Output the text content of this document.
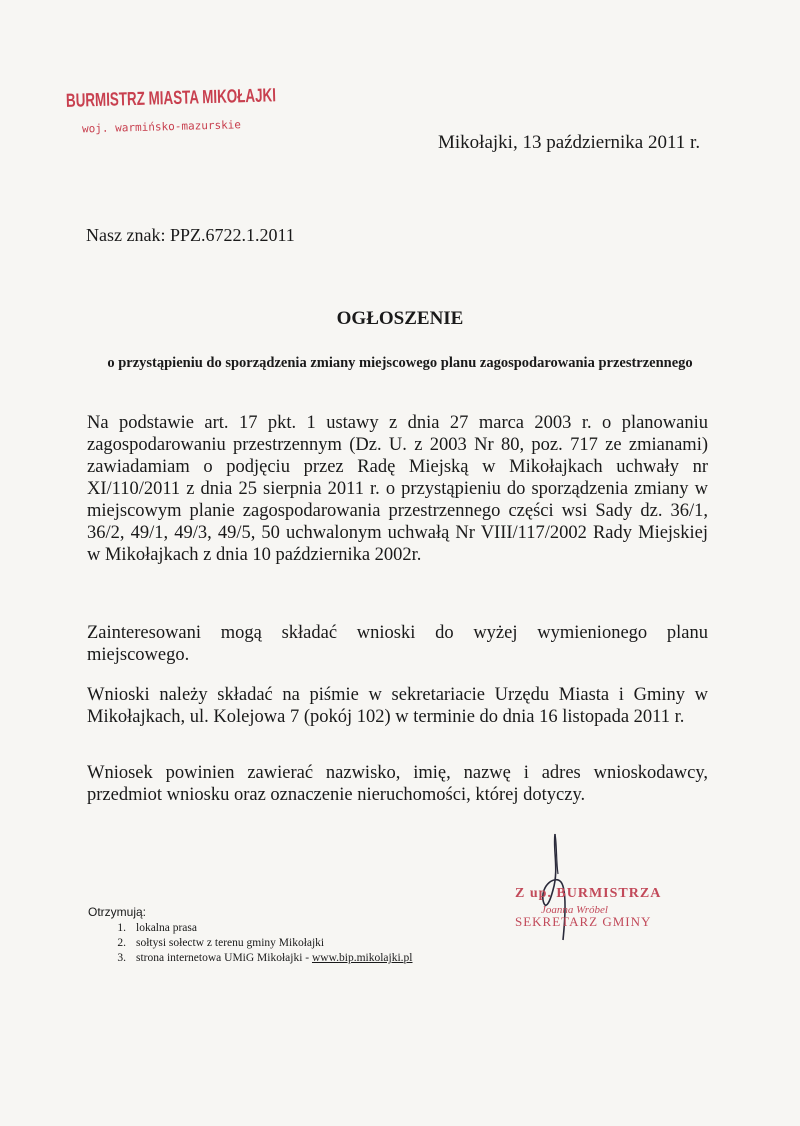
BURMISTRZ MIASTA MIKOŁAJKI
woj. warmińsko-mazurskie
Mikołajki, 13 października 2011 r.
Nasz znak: PPZ.6722.1.2011
OGŁOSZENIE
o przystąpieniu do sporządzenia zmiany miejscowego planu zagospodarowania przestrzennego
Na podstawie art. 17 pkt. 1 ustawy z dnia 27 marca 2003 r. o planowaniu zagospodarowaniu przestrzennym (Dz. U. z 2003 Nr 80, poz. 717 ze zmianami) zawiadamiam o podjęciu przez Radę Miejską w Mikołajkach uchwały nr XI/110/2011 z dnia 25 sierpnia 2011 r. o przystąpieniu do sporządzenia zmiany w miejscowym planie zagospodarowania przestrzennego części wsi Sady dz. 36/1, 36/2, 49/1, 49/3, 49/5, 50 uchwalonym uchwałą Nr VIII/117/2002 Rady Miejskiej w Mikołajkach z dnia 10 października 2002r.
Zainteresowani mogą składać wnioski do wyżej wymienionego planu miejscowego.
Wnioski należy składać na piśmie w sekretariacie Urzędu Miasta i Gminy w Mikołajkach, ul. Kolejowa 7 (pokój 102) w terminie do dnia 16 listopada 2011 r.
Wniosek powinien zawierać nazwisko, imię, nazwę i adres wnioskodawcy, przedmiot wniosku oraz oznaczenie nieruchomości, której dotyczy.
Otrzymują:
1. lokalna prasa
2. sołtysi sołectw z terenu gminy Mikołajki
3. strona internetowa UMiG Mikołajki -
www.bip.mikolajki.pl
Z up. BURMISTRZA
Joanna Wróbel
SEKRETARZ GMINY
